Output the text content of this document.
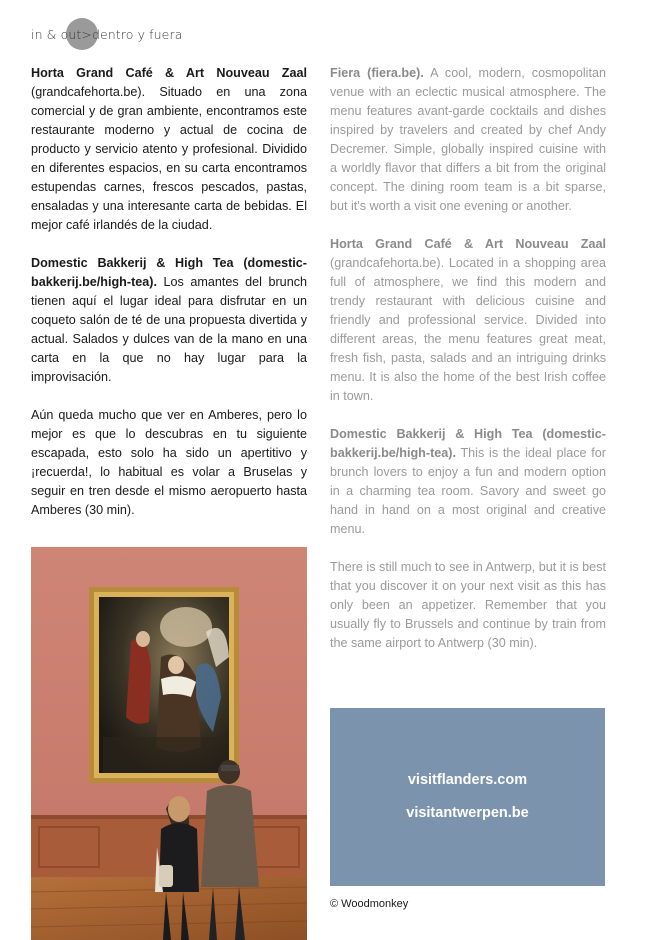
in & out > dentro y fuera

Horta Grand Café & Art Nouveau Zaal (grandcafehorta.be). Situado en una zona comercial y de gran ambiente, encontramos este restaurante moderno y actual de cocina de producto y servicio atento y profesional. Dividido en diferentes espacios, en su carta encontramos estupendas carnes, frescos pescados, pastas, ensaladas y una interesante carta de bebidas. El mejor café irlandés de la ciudad.

Domestic Bakkerij & High Tea (domestic-bakkerij.be/high-tea). Los amantes del brunch tienen aquí el lugar ideal para disfrutar en un coqueto salón de té de una propuesta divertida y actual. Salados y dulces van de la mano en una carta en la que no hay lugar para la improvisación.

Aún queda mucho que ver en Amberes, pero lo mejor es que lo descubras en tu siguiente escapada, esto solo ha sido un apertitivo y ¡recuerda!, lo habitual es volar a Bruselas y seguir en tren desde el mismo aeropuerto hasta Amberes (30 min).

Fiera (fiera.be). A cool, modern, cosmopolitan venue with an eclectic musical atmosphere. The menu features avant-garde cocktails and dishes inspired by travelers and created by chef Andy Decremer. Simple, globally inspired cuisine with a worldly flavor that differs a bit from the original concept. The dining room team is a bit sparse, but it's worth a visit one evening or another.

Horta Grand Café & Art Nouveau Zaal (grandcafehorta.be). Located in a shopping area full of atmosphere, we find this modern and trendy restaurant with delicious cuisine and friendly and professional service. Divided into different areas, the menu features great meat, fresh fish, pasta, salads and an intriguing drinks menu. It is also the home of the best Irish coffee in town.

Domestic Bakkerij & High Tea (domestic-bakkerij.be/high-tea). This is the ideal place for brunch lovers to enjoy a fun and modern option in a charming tea room. Savory and sweet go hand in hand on a most original and creative menu.

There is still much to see in Antwerp, but it is best that you discover it on your next visit as this has only been an appetizer. Remember that you usually fly to Brussels and continue by train from the same airport to Antwerp (30 min).

visitflanders.com
visitantwerpen.be
© Woodmonkey
